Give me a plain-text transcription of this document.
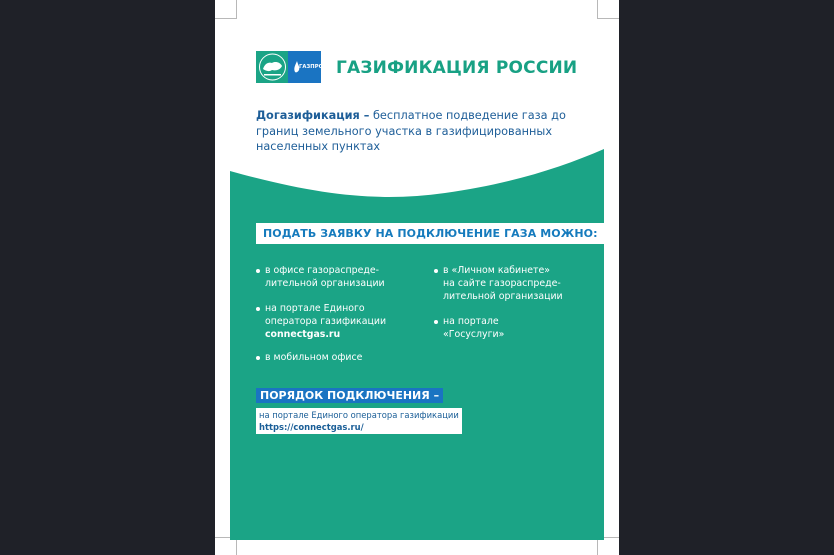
ГАЗПРОМ ГАЗИФИКАЦИЯ РОССИИ
Догазификация – бесплатное подведение газа до границ земельного участка в газифицированных населенных пунктах
ПОДАТЬ ЗАЯВКУ НА ПОДКЛЮЧЕНИЕ ГАЗА МОЖНО:
в офисе газораспреде-
лительной организации
на портале Единого
оператора газификации
connectgas.ru
в мобильном офисе
в «Личном кабинете»
на сайте газораспреде-
лительной организации
на портале
«Госуслуги»
ПОРЯДОК ПОДКЛЮЧЕНИЯ –
на портале Единого оператора газификации
https://connectgas.ru/
